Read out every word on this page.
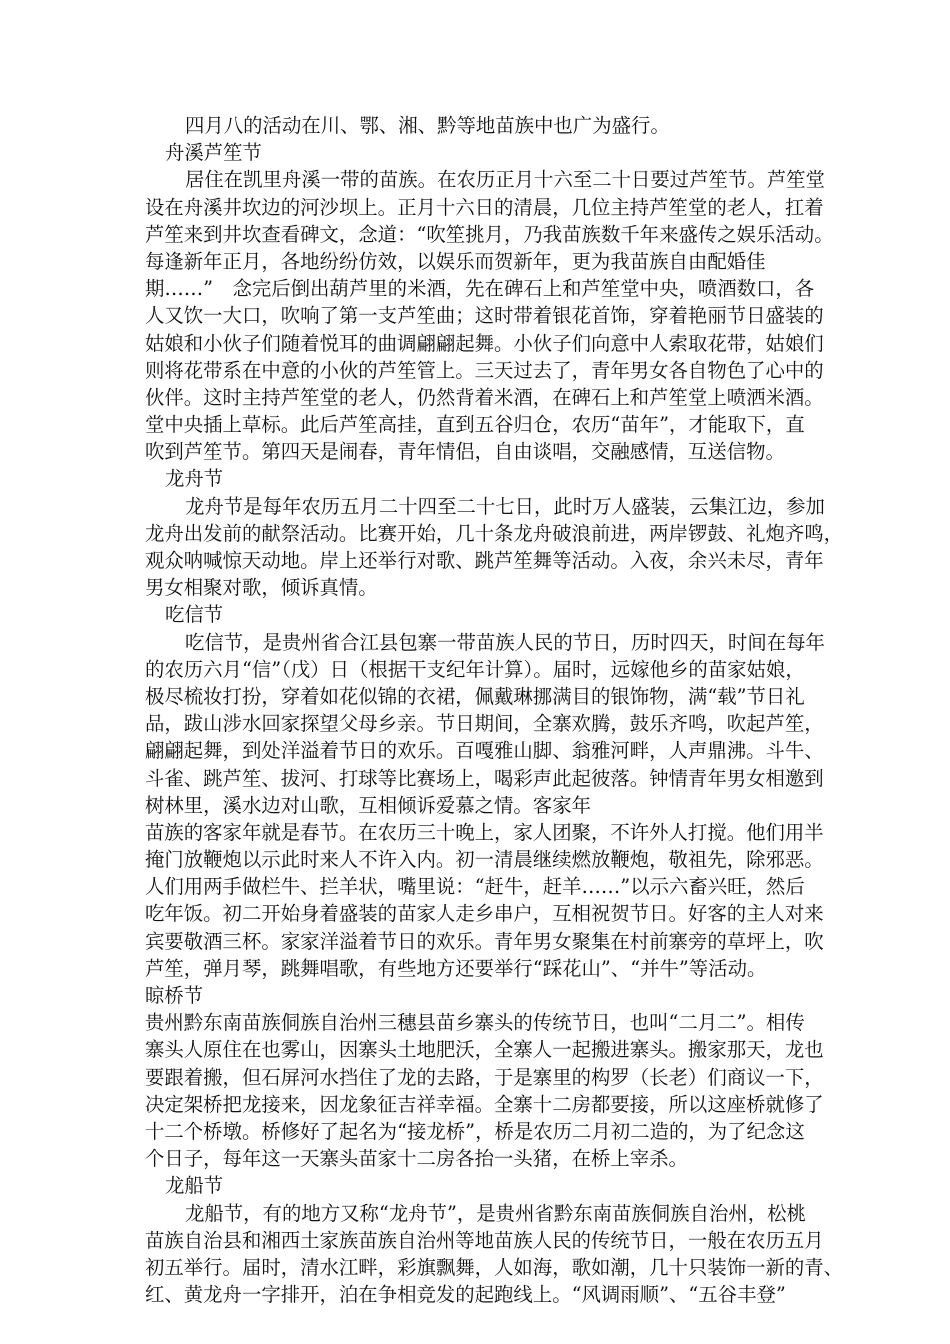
四月八的活动在川、鄂、湘、黔等地苗族中也广为盛行。
舟溪芦笙节
居住在凯里舟溪一带的苗族。在农历正月十六至二十日要过芦笙节。芦笙堂
设在舟溪井坎边的河沙坝上。正月十六日的清晨，几位主持芦笙堂的老人，扛着
芦笙来到井坎查看碑文，念道：“吹笙挑月，乃我苗族数千年来盛传之娱乐活动。
每逢新年正月，各地纷纷仿效，以娱乐而贺新年，更为我苗族自由配婚佳
期……”　念完后倒出葫芦里的米酒，先在碑石上和芦笙堂中央，喷酒数口，各
人又饮一大口，吹响了第一支芦笙曲；这时带着银花首饰，穿着艳丽节日盛装的
姑娘和小伙子们随着悦耳的曲调翩翩起舞。小伙子们向意中人索取花带，姑娘们
则将花带系在中意的小伙的芦笙管上。三天过去了，青年男女各自物色了心中的
伙伴。这时主持芦笙堂的老人，仍然背着米酒，在碑石上和芦笙堂上喷洒米酒。
堂中央插上草标。此后芦笙高挂，直到五谷归仓，农历“苗年”，才能取下，直
吹到芦笙节。第四天是闹春，青年情侣，自由谈唱，交融感情，互送信物。
龙舟节
龙舟节是每年农历五月二十四至二十七日，此时万人盛装，云集江边，参加
龙舟出发前的献祭活动。比赛开始，几十条龙舟破浪前进，两岸锣鼓、礼炮齐鸣，
观众呐喊惊天动地。岸上还举行对歌、跳芦笙舞等活动。入夜，余兴未尽，青年
男女相聚对歌，倾诉真情。
吃信节
吃信节，是贵州省合江县包寨一带苗族人民的节日，历时四天，时间在每年
的农历六月“信”（戊）日（根据干支纪年计算）。届时，远嫁他乡的苗家姑娘，
极尽梳妆打扮，穿着如花似锦的衣裙，佩戴琳挪满目的银饰物，满“载”节日礼
品，跋山涉水回家探望父母乡亲。节日期间，全寨欢腾，鼓乐齐鸣，吹起芦笙，
翩翩起舞，到处洋溢着节日的欢乐。百嘎雅山脚、翁雅河畔，人声鼎沸。斗牛、
斗雀、跳芦笙、拔河、打球等比赛场上，喝彩声此起彼落。钟情青年男女相邀到
树林里，溪水边对山歌，互相倾诉爱慕之情。客家年
苗族的客家年就是春节。在农历三十晚上，家人团聚，不许外人打搅。他们用半
掩门放鞭炮以示此时来人不许入内。初一清晨继续燃放鞭炮，敬祖先，除邪恶。
人们用两手做栏牛、拦羊状，嘴里说：“赶牛，赶羊……”以示六畜兴旺，然后
吃年饭。初二开始身着盛装的苗家人走乡串户，互相祝贺节日。好客的主人对来
宾要敬酒三杯。家家洋溢着节日的欢乐。青年男女聚集在村前寨旁的草坪上，吹
芦笙，弹月琴，跳舞唱歌，有些地方还要举行“踩花山”、“并牛”等活动。
晾桥节
贵州黔东南苗族侗族自治州三穗县苗乡寨头的传统节日，也叫“二月二”。相传
寨头人原住在也雾山，因寨头土地肥沃，全寨人一起搬进寨头。搬家那天，龙也
要跟着搬，但石屏河水挡住了龙的去路，于是寨里的构罗（长老）们商议一下，
决定架桥把龙接来，因龙象征吉祥幸福。全寨十二房都要接，所以这座桥就修了
十二个桥墩。桥修好了起名为“接龙桥”，桥是农历二月初二造的，为了纪念这
个日子，每年这一天寨头苗家十二房各抬一头猪，在桥上宰杀。
龙船节
龙船节，有的地方又称“龙舟节”，是贵州省黔东南苗族侗族自治州，松桃
苗族自治县和湘西土家族苗族自治州等地苗族人民的传统节日，一般在农历五月
初五举行。届时，清水江畔，彩旗飘舞，人如海，歌如潮，几十只装饰一新的青、
红、黄龙舟一字排开，泊在争相竞发的起跑线上。“风调雨顺”、“五谷丰登”
